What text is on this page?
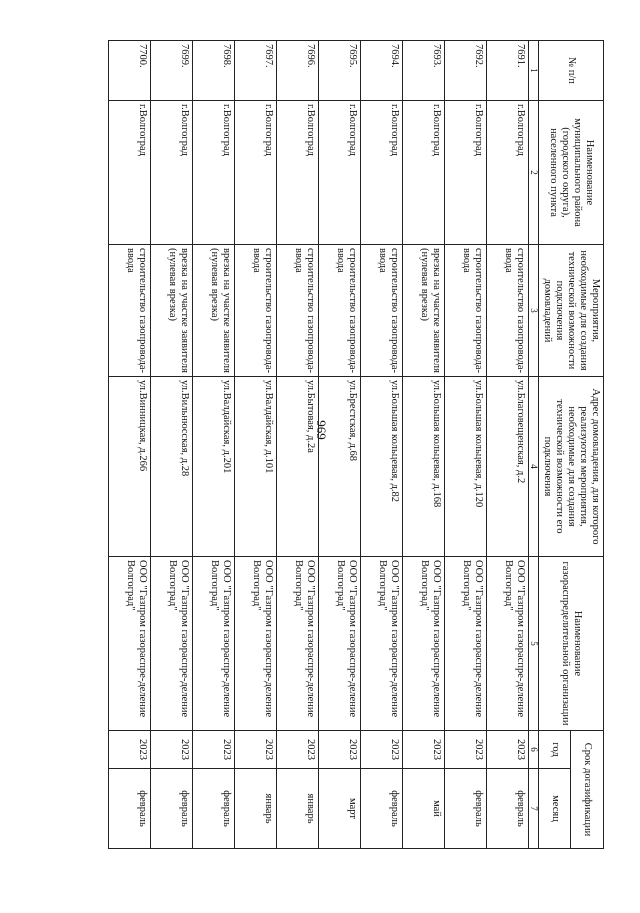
969
№ п/п	Наименование муниципального района (городского округа), населенного пункта	Мероприятия, необходимые для создания технической возможности подключения домовладений	Адрес домовладения, для которого реализуются мероприятия, необходимые для создания технической возможности его подключения	Наименование газораспределительной организации	Срок догазификации	
					год	месяц
1	2	3	4	5	6	7
7691.	г.Волгоград	строительство газопровода-ввода	ул.Благовещенская, д.2	ООО "Газпром газораспре-деление Волгоград"	2023	февраль
7692.	г.Волгоград	строительство газопровода-ввода	ул.Большая кольцевая, д.120	ООО "Газпром газораспре-деление Волгоград"	2023	февраль
7693.	г.Волгоград	врезка на участке заявителя (нулевая врезка)	ул.Большая кольцевая, д.168	ООО "Газпром газораспре-деление Волгоград"	2023	май
7694.	г.Волгоград	строительство газопровода-ввода	ул.Большая кольцевая, д.82	ООО "Газпром газораспре-деление Волгоград"	2023	февраль
7695.	г.Волгоград	строительство газопровода-ввода	ул.Брестская, д.68	ООО "Газпром газораспре-деление Волгоград"	2023	март
7696.	г.Волгоград	строительство газопровода-ввода	ул.Бытовая, д.2а	ООО "Газпром газораспре-деление Волгоград"	2023	январь
7697.	г.Волгоград	строительство газопровода-ввода	ул.Валдайская, д.101	ООО "Газпром газораспре-деление Волгоград"	2023	январь
7698.	г.Волгоград	врезка на участке заявителя (нулевая врезка)	ул.Валдайская, д.201	ООО "Газпром газораспре-деление Волгоград"	2023	февраль
7699.	г.Волгоград	врезка на участке заявителя (нулевая врезка)	ул.Вильнюсская, д.28	ООО "Газпром газораспре-деление Волгоград"	2023	февраль
7700.	г.Волгоград	строительство газопровода-ввода	ул.Винницкая, д.266	ООО "Газпром газораспре-деление Волгоград"	2023	февраль
